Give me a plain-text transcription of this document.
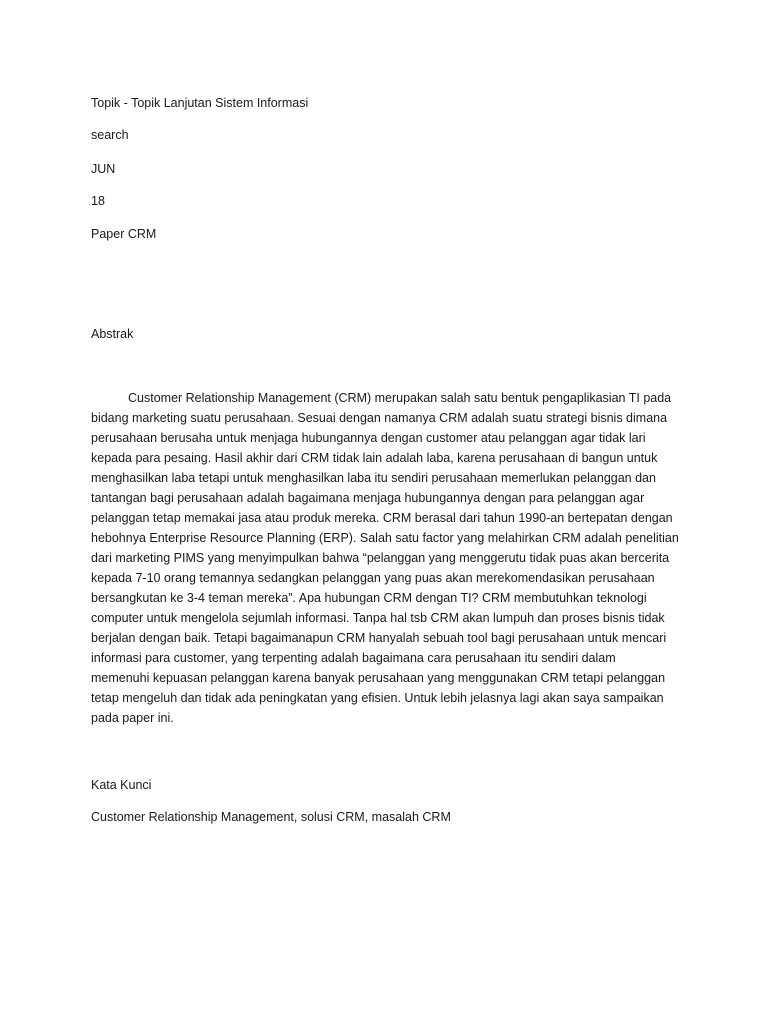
Topik - Topik Lanjutan Sistem Informasi
search
JUN
18
Paper CRM
Abstrak
Customer Relationship Management (CRM) merupakan salah satu bentuk pengaplikasian TI pada
bidang marketing suatu perusahaan. Sesuai dengan namanya CRM adalah suatu strategi bisnis dimana
perusahaan berusaha untuk menjaga hubungannya dengan customer atau pelanggan agar tidak lari
kepada para pesaing. Hasil akhir dari CRM tidak lain adalah laba, karena perusahaan di bangun untuk
menghasilkan laba tetapi untuk menghasilkan laba itu sendiri perusahaan memerlukan pelanggan dan
tantangan bagi perusahaan adalah bagaimana menjaga hubungannya dengan para pelanggan agar
pelanggan tetap memakai jasa atau produk mereka. CRM berasal dari tahun 1990-an bertepatan dengan
hebohnya Enterprise Resource Planning (ERP). Salah satu factor yang melahirkan CRM adalah penelitian
dari marketing PIMS yang menyimpulkan bahwa “pelanggan yang menggerutu tidak puas akan bercerita
kepada 7-10 orang temannya sedangkan pelanggan yang puas akan merekomendasikan perusahaan
bersangkutan ke 3-4 teman mereka”. Apa hubungan CRM dengan TI? CRM membutuhkan teknologi
computer untuk mengelola sejumlah informasi. Tanpa hal tsb CRM akan lumpuh dan proses bisnis tidak
berjalan dengan baik. Tetapi bagaimanapun CRM hanyalah sebuah tool bagi perusahaan untuk mencari
informasi para customer, yang terpenting adalah bagaimana cara perusahaan itu sendiri dalam
memenuhi kepuasan pelanggan karena banyak perusahaan yang menggunakan CRM tetapi pelanggan
tetap mengeluh dan tidak ada peningkatan yang efisien. Untuk lebih jelasnya lagi akan saya sampaikan
pada paper ini.
Kata Kunci
Customer Relationship Management, solusi CRM, masalah CRM
